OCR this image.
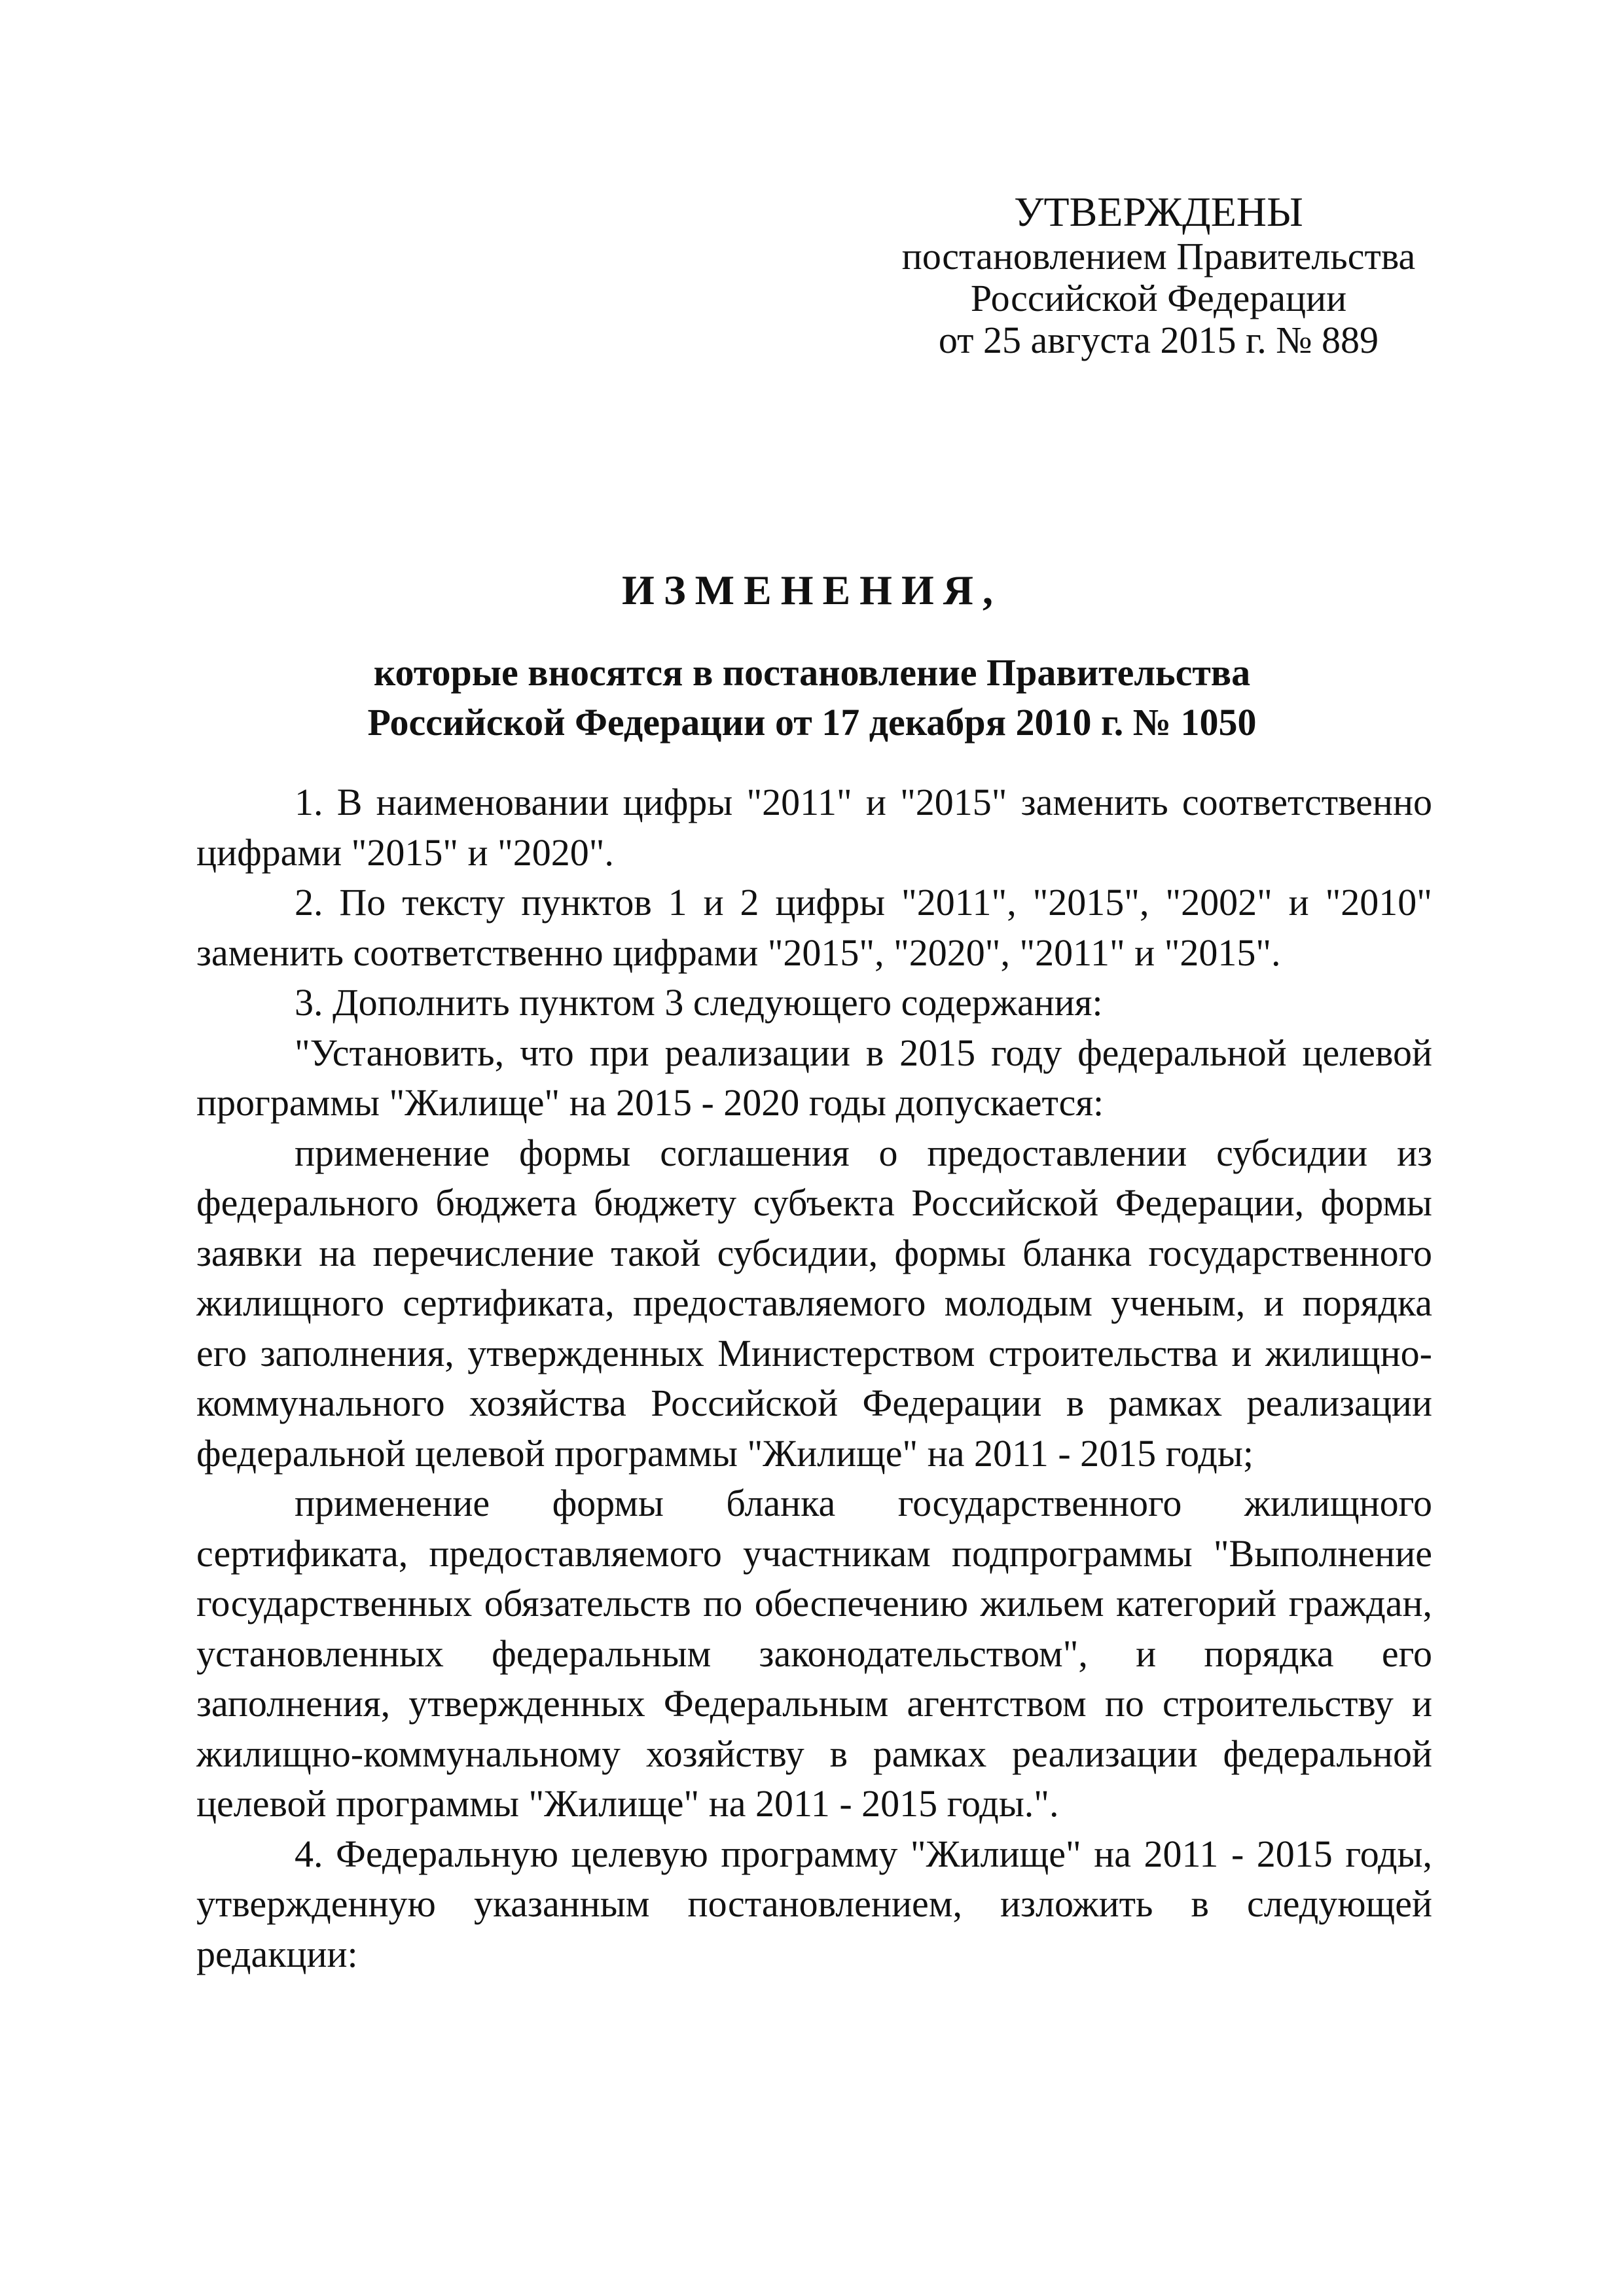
УТВЕРЖДЕНЫ
постановлением Правительства
Российской Федерации
от 25 августа 2015 г. № 889
ИЗМЕНЕНИЯ,
которые вносятся в постановление Правительства
Российской Федерации от 17 декабря 2010 г. № 1050

1. В наименовании цифры "2011" и "2015" заменить соответственно цифрами "2015" и "2020".

2. По тексту пунктов 1 и 2 цифры "2011", "2015", "2002" и "2010" заменить соответственно цифрами "2015", "2020", "2011" и "2015".

3. Дополнить пунктом 3 следующего содержания:

"Установить, что при реализации в 2015 году федеральной целевой программы "Жилище" на 2015 - 2020 годы допускается:

применение формы соглашения о предоставлении субсидии из федерального бюджета бюджету субъекта Российской Федерации, формы заявки на перечисление такой субсидии, формы бланка государственного жилищного сертификата, предоставляемого молодым ученым, и порядка его заполнения, утвержденных Министерством строительства и жилищно-коммунального хозяйства Российской Федерации в рамках реализации федеральной целевой программы "Жилище" на 2011 - 2015 годы;

применение формы бланка государственного жилищного сертификата, предоставляемого участникам подпрограммы "Выполнение государственных обязательств по обеспечению жильем категорий граждан, установленных федеральным законодательством", и порядка его заполнения, утвержденных Федеральным агентством по строительству и жилищно-коммунальному хозяйству в рамках реализации федеральной целевой программы "Жилище" на 2011 - 2015 годы.".

4. Федеральную целевую программу "Жилище" на 2011 - 2015 годы, утвержденную указанным постановлением, изложить в следующей редакции:
